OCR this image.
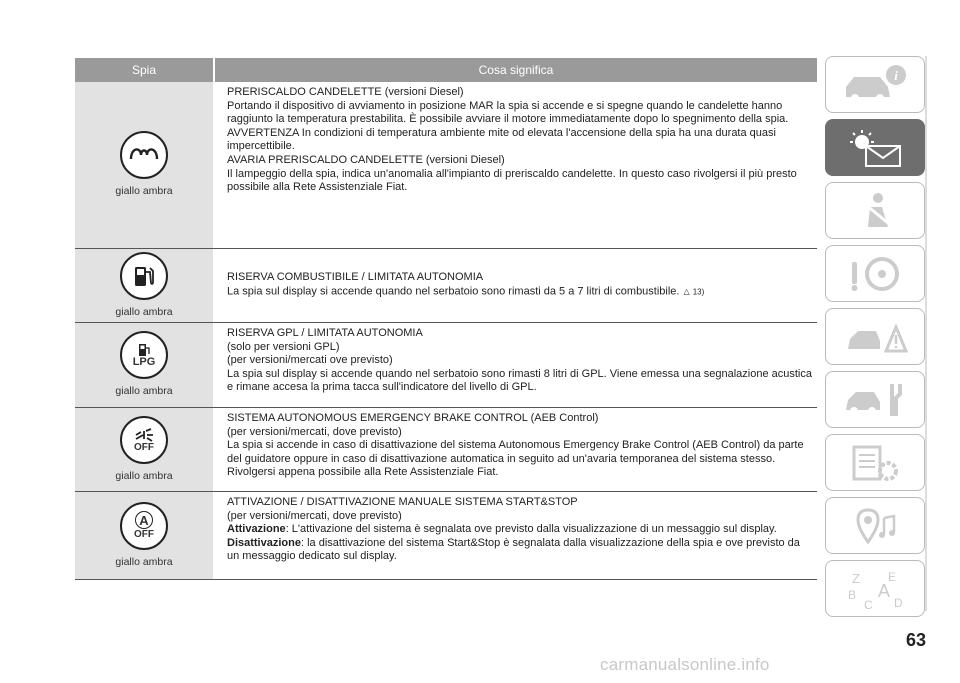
Spia	Cosa significa
giallo ambra
PRERISCALDO CANDELETTE (versioni Diesel)
Portando il dispositivo di avviamento in posizione MAR la spia si accende e si spegne quando le candelette hanno raggiunto la temperatura prestabilita. È possibile avviare il motore immediatamente dopo lo spegnimento della spia.
AVVERTENZA In condizioni di temperatura ambiente mite od elevata l'accensione della spia ha una durata quasi impercettibile.
AVARIA PRERISCALDO CANDELETTE (versioni Diesel)
Il lampeggio della spia, indica un'anomalia all'impianto di preriscaldo candelette. In questo caso rivolgersi il più presto possibile alla Rete Assistenziale Fiat.
giallo ambra
RISERVA COMBUSTIBILE / LIMITATA AUTONOMIA
La spia sul display si accende quando nel serbatoio sono rimasti da 5 a 7 litri di combustibile. △ 13)
LPG
giallo ambra
RISERVA GPL / LIMITATA AUTONOMIA
(solo per versioni GPL)
(per versioni/mercati ove previsto)
La spia sul display si accende quando nel serbatoio sono rimasti 8 litri di GPL. Viene emessa una segnalazione acustica e rimane accesa la prima tacca sull'indicatore del livello di GPL.
OFF
giallo ambra
SISTEMA AUTONOMOUS EMERGENCY BRAKE CONTROL (AEB Control)
(per versioni/mercati, dove previsto)
La spia si accende in caso di disattivazione del sistema Autonomous Emergency Brake Control (AEB Control) da parte del guidatore oppure in caso di disattivazione automatica in seguito ad un'avaria temporanea del sistema stesso. Rivolgersi appena possibile alla Rete Assistenziale Fiat.
A
OFF
giallo ambra
ATTIVAZIONE / DISATTIVAZIONE MANUALE SISTEMA START&STOP
(per versioni/mercati, dove previsto)
Attivazione: L'attivazione del sistema è segnalata ove previsto dalla visualizzazione di un messaggio sul display.
Disattivazione: la disattivazione del sistema Start&Stop è segnalata dalla visualizzazione della spia e ove previsto da un messaggio dedicato sul display.
i
Z E
B A
C D
63
carmanualsonline.info
